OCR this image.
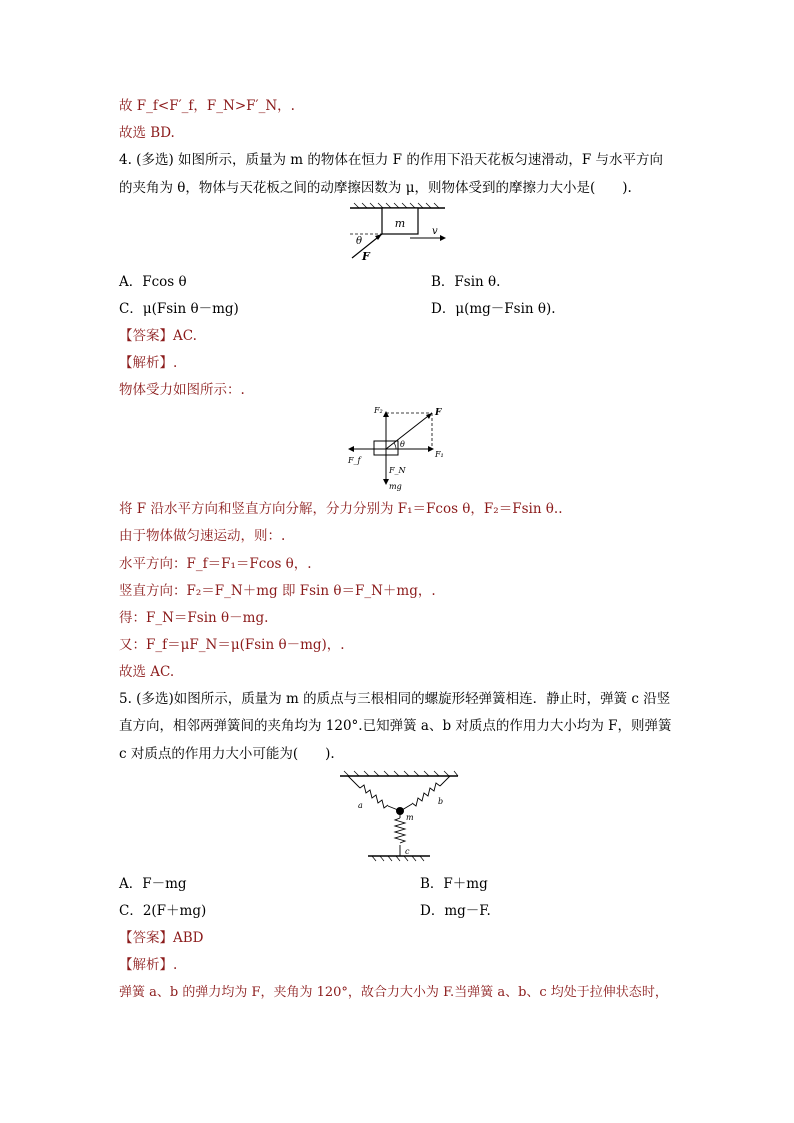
故 F_f<F′_f，F_N>F′_N，.
故选 BD.
4. (多选) 如图所示，质量为 m 的物体在恒力 F 的作用下沿天花板匀速滑动，F 与水平方向
的夹角为 θ，物体与天花板之间的动摩擦因数为 μ，则物体受到的摩擦力大小是(　　).
m
v
θ
F
A．Fcos θ	B．Fsin θ.
C．μ(Fsin θ－mg)	D．μ(mg－Fsin θ).
【答案】AC.
【解析】.
物体受力如图所示：.
F₂	F
θ
F_f
F₁
F_N
mg
将 F 沿水平方向和竖直方向分解，分力分别为 F₁＝Fcos θ，F₂＝Fsin θ..
由于物体做匀速运动，则：.
水平方向：F_f＝F₁＝Fcos θ，.
竖直方向：F₂＝F_N＋mg 即 Fsin θ＝F_N＋mg，.
得：F_N＝Fsin θ－mg.
又：F_f＝μF_N＝μ(Fsin θ－mg)，.
故选 AC.
5. (多选)如图所示，质量为 m 的质点与三根相同的螺旋形轻弹簧相连．静止时，弹簧 c 沿竖
直方向，相邻两弹簧间的夹角均为 120°.已知弹簧 a、b 对质点的作用力大小均为 F，则弹簧
c 对质点的作用力大小可能为(　　).
a	b
m
c
A．F－mg	B．F＋mg
C．2(F＋mg)	D．mg－F.
【答案】ABD
【解析】.
弹簧 a、b 的弹力均为 F，夹角为 120°，故合力大小为 F.当弹簧 a、b、c 均处于拉伸状态时，
